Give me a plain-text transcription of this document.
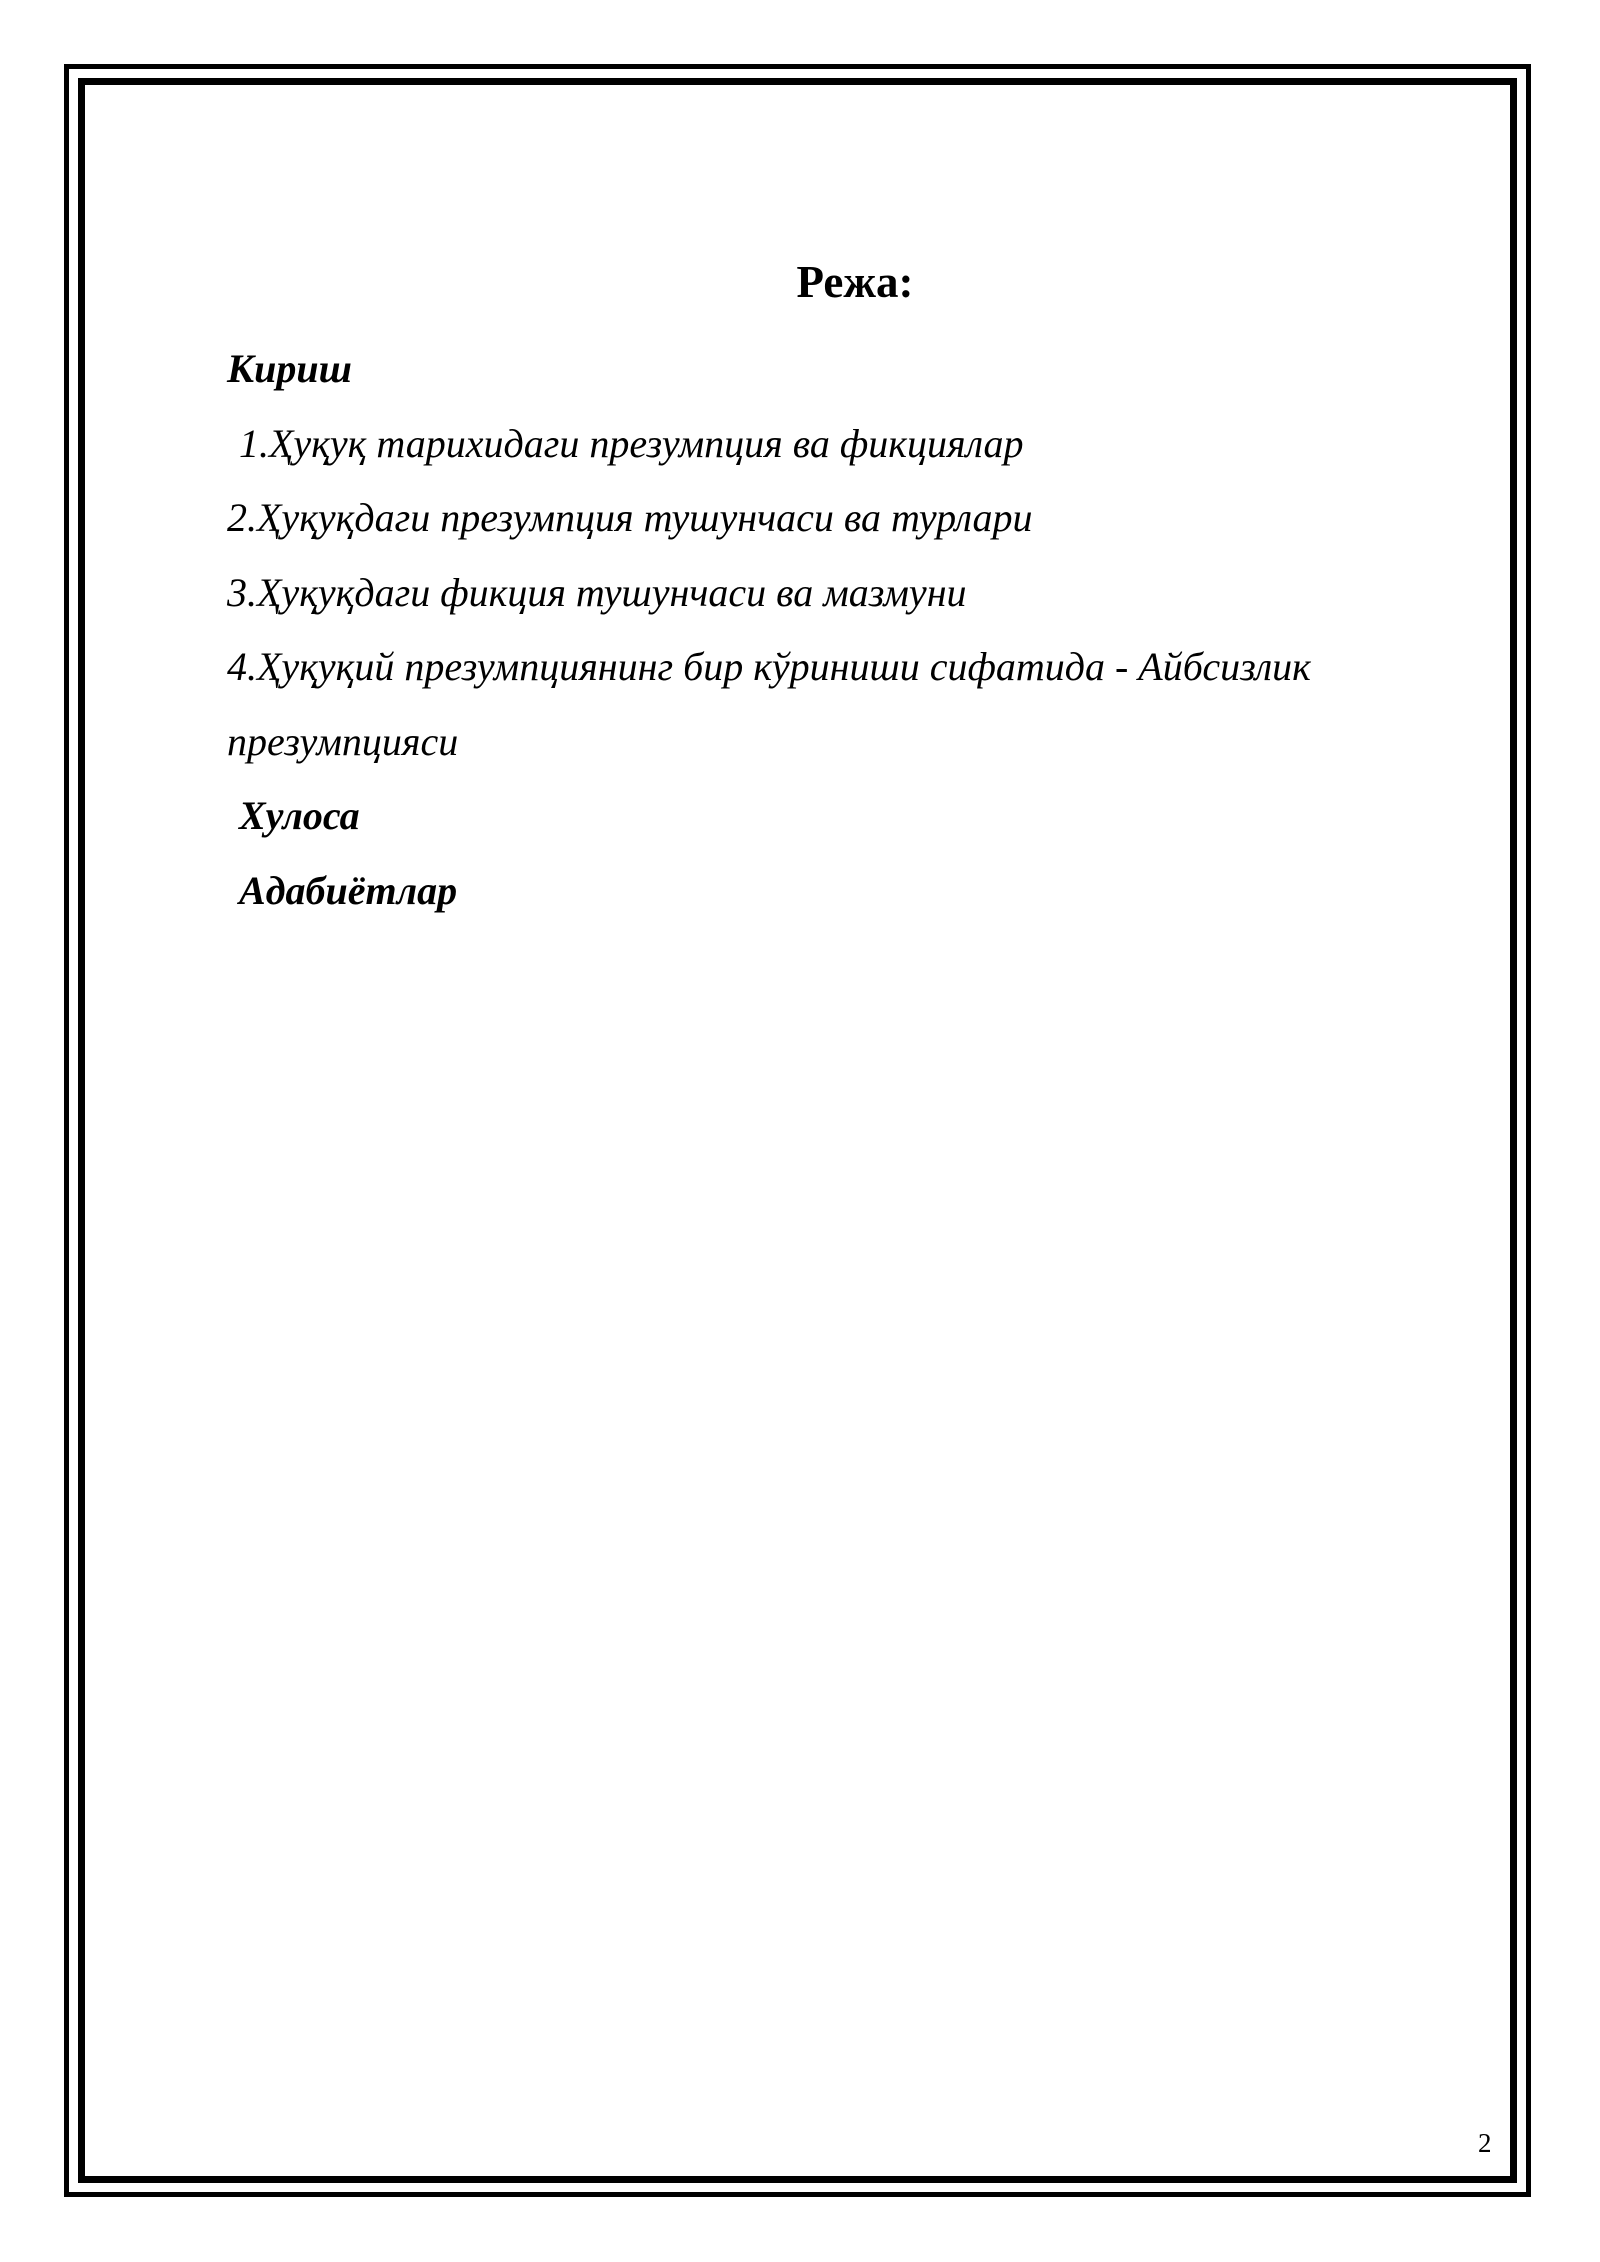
Режа:
Кириш
1.Ҳуқуқ тарихидаги презумпция ва фикциялар
2.Ҳуқуқдаги презумпция тушунчаси ва турлари
3.Ҳуқуқдаги фикция тушунчаси ва мазмуни
4.Ҳуқуқий презумпциянинг бир кўриниши сифатида - Айбсизлик
презумпцияси
Хулоса
Адабиётлар
2
